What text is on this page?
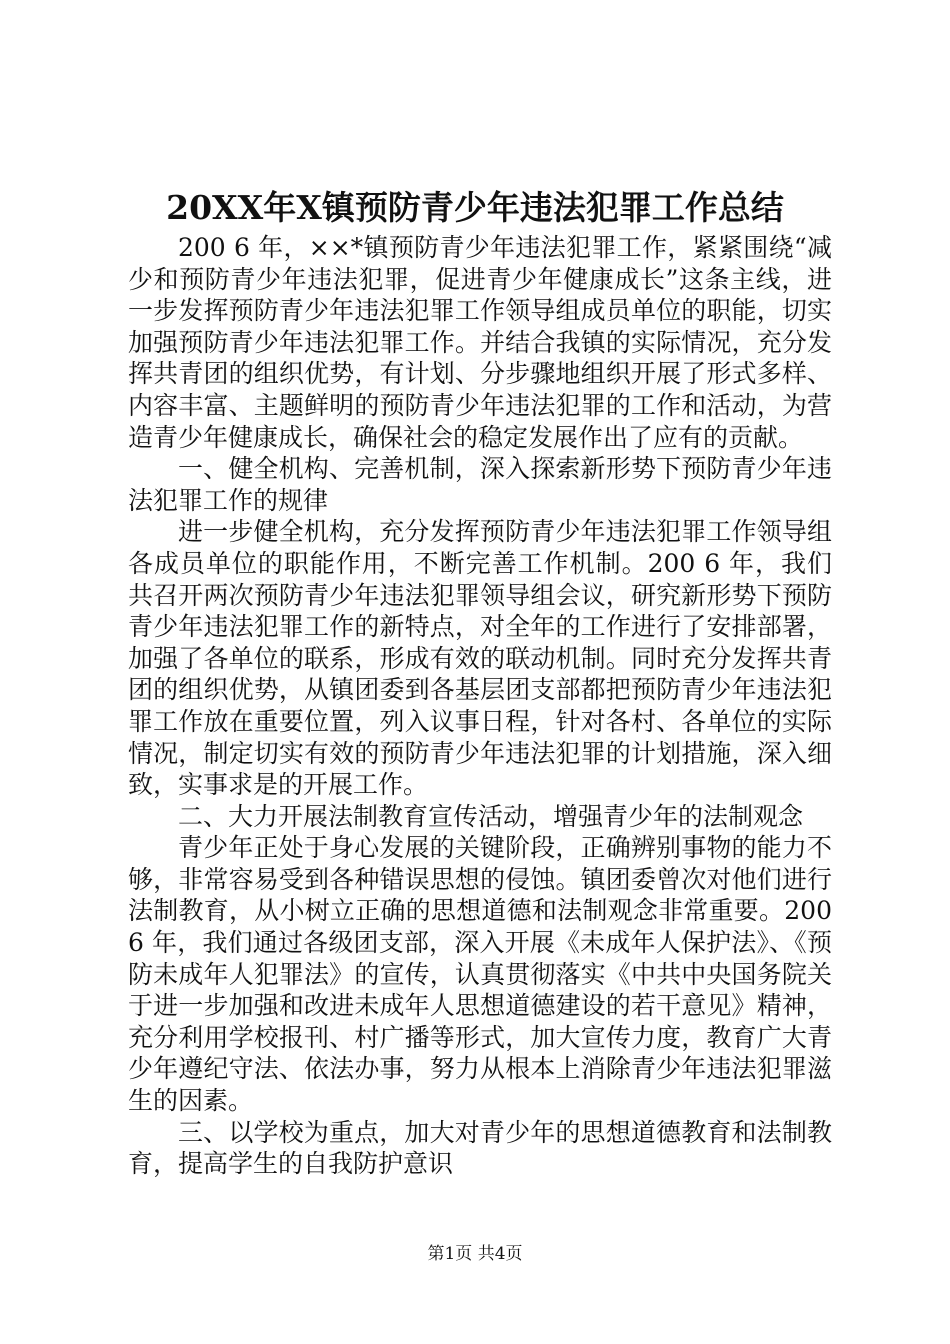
20XX年X镇预防青少年违法犯罪工作总结

200 6 年，××*镇预防青少年违法犯罪工作，紧紧围绕“减少和预防青少年违法犯罪，促进青少年健康成长”这条主线，进一步发挥预防青少年违法犯罪工作领导组成员单位的职能，切实加强预防青少年违法犯罪工作。并结合我镇的实际情况，充分发挥共青团的组织优势，有计划、分步骤地组织开展了形式多样、内容丰富、主题鲜明的预防青少年违法犯罪的工作和活动，为营造青少年健康成长，确保社会的稳定发展作出了应有的贡献。

一、健全机构、完善机制，深入探索新形势下预防青少年违法犯罪工作的规律

进一步健全机构，充分发挥预防青少年违法犯罪工作领导组各成员单位的职能作用，不断完善工作机制。200 6 年，我们共召开两次预防青少年违法犯罪领导组会议，研究新形势下预防青少年违法犯罪工作的新特点，对全年的工作进行了安排部署，加强了各单位的联系，形成有效的联动机制。同时充分发挥共青团的组织优势，从镇团委到各基层团支部都把预防青少年违法犯罪工作放在重要位置，列入议事日程，针对各村、各单位的实际情况，制定切实有效的预防青少年违法犯罪的计划措施，深入细致，实事求是的开展工作。

二、大力开展法制教育宣传活动，增强青少年的法制观念

青少年正处于身心发展的关键阶段，正确辨别事物的能力不够，非常容易受到各种错误思想的侵蚀。镇团委曾次对他们进行法制教育，从小树立正确的思想道德和法制观念非常重要。200 6 年，我们通过各级团支部，深入开展《未成年人保护法》、《预防未成年人犯罪法》的宣传，认真贯彻落实《中共中央国务院关于进一步加强和改进未成年人思想道德建设的若干意见》精神，充分利用学校报刊、村广播等形式，加大宣传力度，教育广大青少年遵纪守法、依法办事，努力从根本上消除青少年违法犯罪滋生的因素。

三、以学校为重点，加大对青少年的思想道德教育和法制教育，提高学生的自我防护意识

第1页 共4页
